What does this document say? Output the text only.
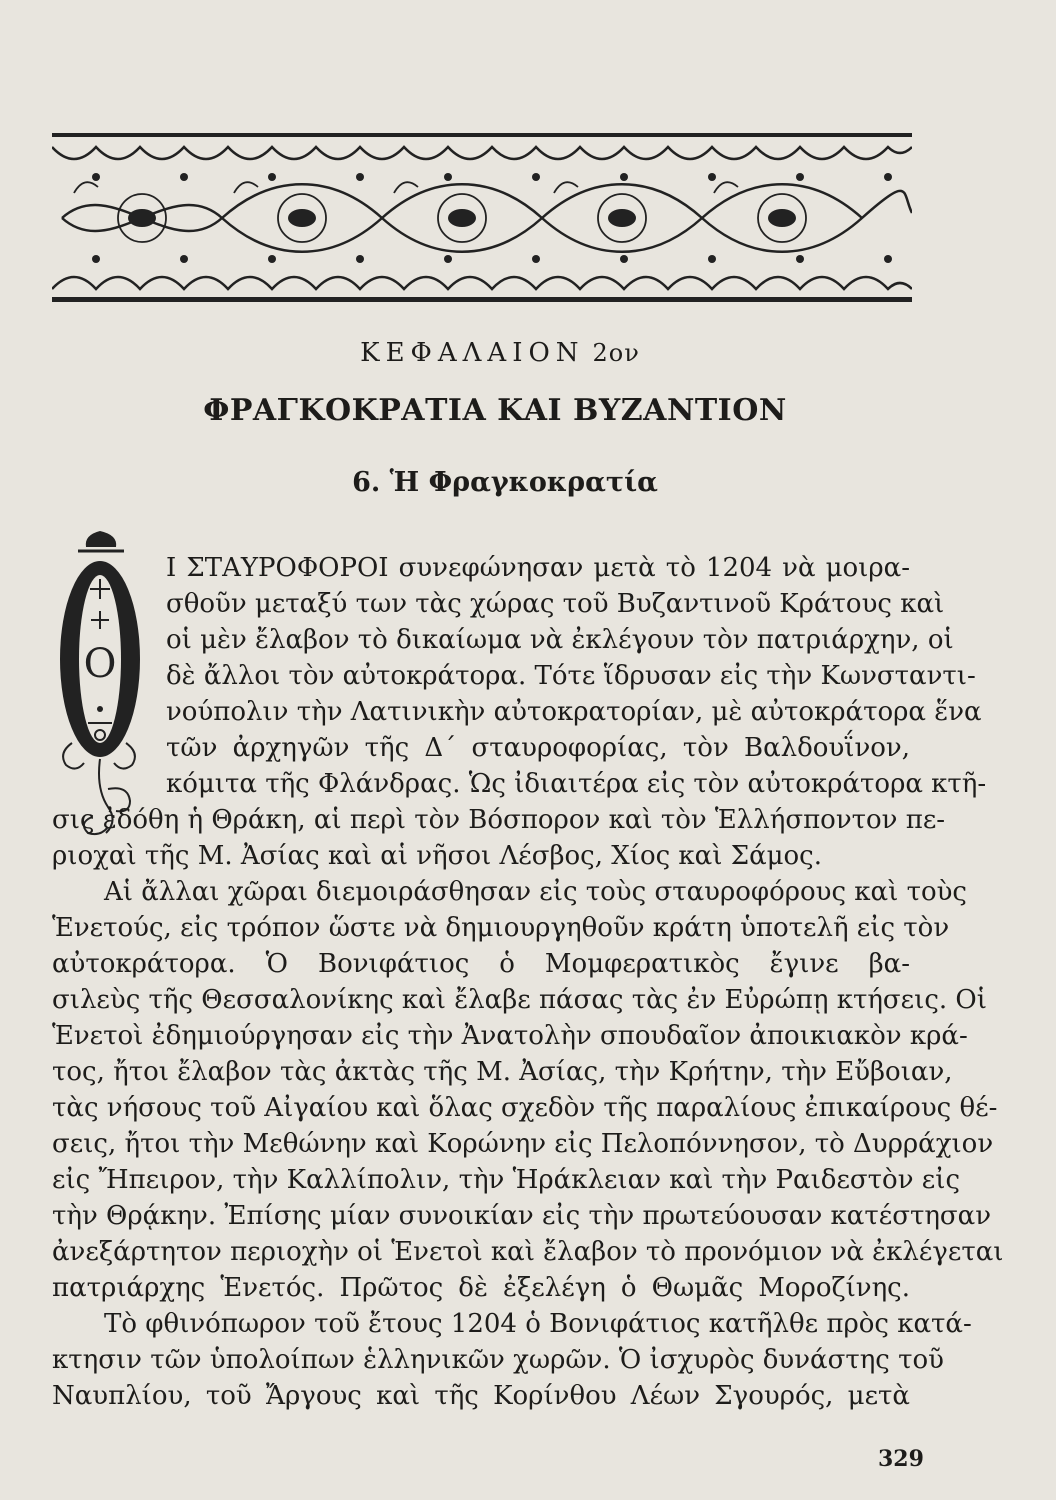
ΚΕΦΑΛΑΙΟΝ 2ον
ΦΡΑΓΚΟΚΡΑΤΙΑ ΚΑΙ ΒΥΖΑΝΤΙΟΝ
6. Ἡ Φραγκοκρατία
Ο
Ι ΣΤΑΥΡΟΦΟΡΟΙ συνεφώνησαν μετὰ τὸ 1204 νὰ μοιρα-
σθοῦν μεταξύ των τὰς χώρας τοῦ Βυζαντινοῦ Κράτους καὶ
οἱ μὲν ἔλαβον τὸ δικαίωμα νὰ ἐκλέγουν τὸν πατριάρχην, οἱ
δὲ ἄλλοι τὸν αὐτοκράτορα. Τότε ἵδρυσαν εἰς τὴν Κωνσταντι-
νούπολιν τὴν Λατινικὴν αὐτοκρατορίαν, μὲ αὐτοκράτορα ἕνα
τῶν ἀρχηγῶν τῆς Δ΄ σταυροφορίας, τὸν Βαλδουΐνον,
κόμιτα τῆς Φλάνδρας. Ὡς ἰδιαιτέρα εἰς τὸν αὐτοκράτορα κτῆ-
σις ἐδόθη ἡ Θράκη, αἱ περὶ τὸν Βόσπορον καὶ τὸν Ἑλλήσποντον πε-
ριοχαὶ τῆς Μ. Ἀσίας καὶ αἱ νῆσοι Λέσβος, Χίος καὶ Σάμος.
Αἱ ἄλλαι χῶραι διεμοιράσθησαν εἰς τοὺς σταυροφόρους καὶ τοὺς
Ἑνετούς, εἰς τρόπον ὥστε νὰ δημιουργηθοῦν κράτη ὑποτελῆ εἰς τὸν
αὐτοκράτορα. Ὁ Βονιφάτιος ὁ Μομφερατικὸς ἔγινε βα-
σιλεὺς τῆς Θεσσαλονίκης καὶ ἔλαβε πάσας τὰς ἐν Εὐρώπῃ κτήσεις. Οἱ
Ἑνετοὶ ἐδημιούργησαν εἰς τὴν Ἀνατολὴν σπουδαῖον ἀποικιακὸν κρά-
τος, ἤτοι ἔλαβον τὰς ἀκτὰς τῆς Μ. Ἀσίας, τὴν Κρήτην, τὴν Εὔβοιαν,
τὰς νήσους τοῦ Αἰγαίου καὶ ὅλας σχεδὸν τῆς παραλίους ἐπικαίρους θέ-
σεις, ἤτοι τὴν Μεθώνην καὶ Κορώνην εἰς Πελοπόννησον, τὸ Δυρράχιον
εἰς Ἤπειρον, τὴν Καλλίπολιν, τὴν Ἡράκλειαν καὶ τὴν Ραιδεστὸν εἰς
τὴν Θρᾴκην. Ἐπίσης μίαν συνοικίαν εἰς τὴν πρωτεύουσαν κατέστησαν
ἀνεξάρτητον περιοχὴν οἱ Ἑνετοὶ καὶ ἔλαβον τὸ προνόμιον νὰ ἐκλέγεται
πατριάρχης Ἑνετός. Πρῶτος δὲ ἐξελέγη ὁ Θωμᾶς Μοροζίνης.
Τὸ φθινόπωρον τοῦ ἔτους 1204 ὁ Βονιφάτιος κατῆλθε πρὸς κατά-
κτησιν τῶν ὑπολοίπων ἑλληνικῶν χωρῶν. Ὁ ἰσχυρὸς δυνάστης τοῦ
Ναυπλίου, τοῦ Ἄργους καὶ τῆς Κορίνθου Λέων Σγουρός, μετὰ
329
